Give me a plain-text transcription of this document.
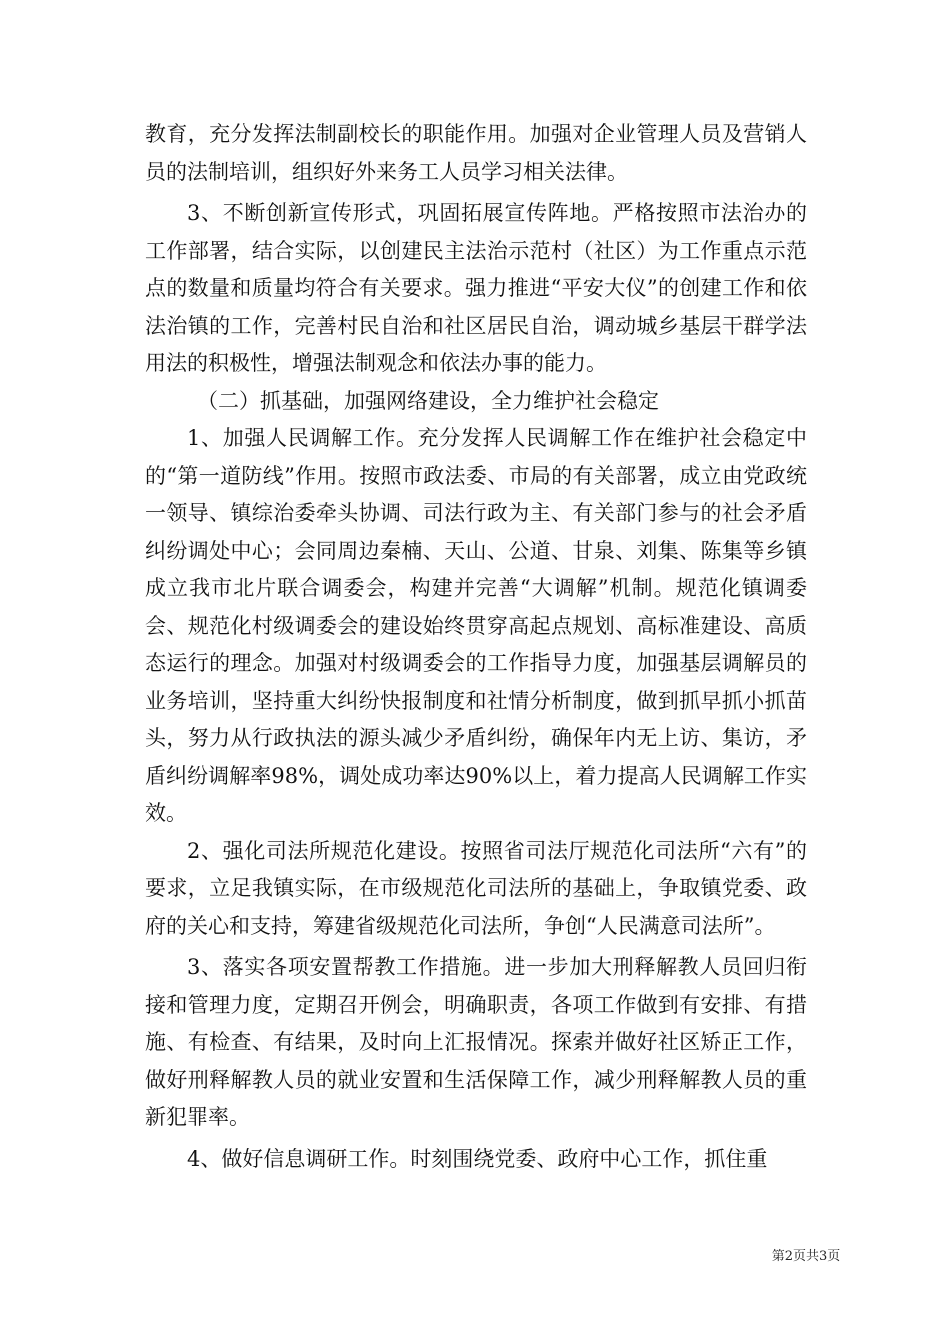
教育，充分发挥法制副校长的职能作用。加强对企业管理人员及营销人员的法制培训，组织好外来务工人员学习相关法律。

3、不断创新宣传形式，巩固拓展宣传阵地。严格按照市法治办的工作部署，结合实际，以创建民主法治示范村（社区）为工作重点示范点的数量和质量均符合有关要求。强力推进“平安大仪”的创建工作和依法治镇的工作，完善村民自治和社区居民自治，调动城乡基层干群学法用法的积极性，增强法制观念和依法办事的能力。

（二）抓基础，加强网络建设，全力维护社会稳定

1、加强人民调解工作。充分发挥人民调解工作在维护社会稳定中的“第一道防线”作用。按照市政法委、市局的有关部署，成立由党政统一领导、镇综治委牵头协调、司法行政为主、有关部门参与的社会矛盾纠纷调处中心；会同周边秦楠、天山、公道、甘泉、刘集、陈集等乡镇成立我市北片联合调委会，构建并完善“大调解”机制。规范化镇调委会、规范化村级调委会的建设始终贯穿高起点规划、高标准建设、高质态运行的理念。加强对村级调委会的工作指导力度，加强基层调解员的业务培训，坚持重大纠纷快报制度和社情分析制度，做到抓早抓小抓苗头，努力从行政执法的源头减少矛盾纠纷，确保年内无上访、集访，矛盾纠纷调解率98%，调处成功率达90%以上，着力提高人民调解工作实效。

2、强化司法所规范化建设。按照省司法厅规范化司法所“六有”的要求，立足我镇实际，在市级规范化司法所的基础上，争取镇党委、政府的关心和支持，筹建省级规范化司法所，争创“人民满意司法所”。

3、落实各项安置帮教工作措施。进一步加大刑释解教人员回归衔接和管理力度，定期召开例会，明确职责，各项工作做到有安排、有措施、有检查、有结果，及时向上汇报情况。探索并做好社区矫正工作，做好刑释解教人员的就业安置和生活保障工作，减少刑释解教人员的重新犯罪率。

4、做好信息调研工作。时刻围绕党委、政府中心工作，抓住重

第2页共3页
